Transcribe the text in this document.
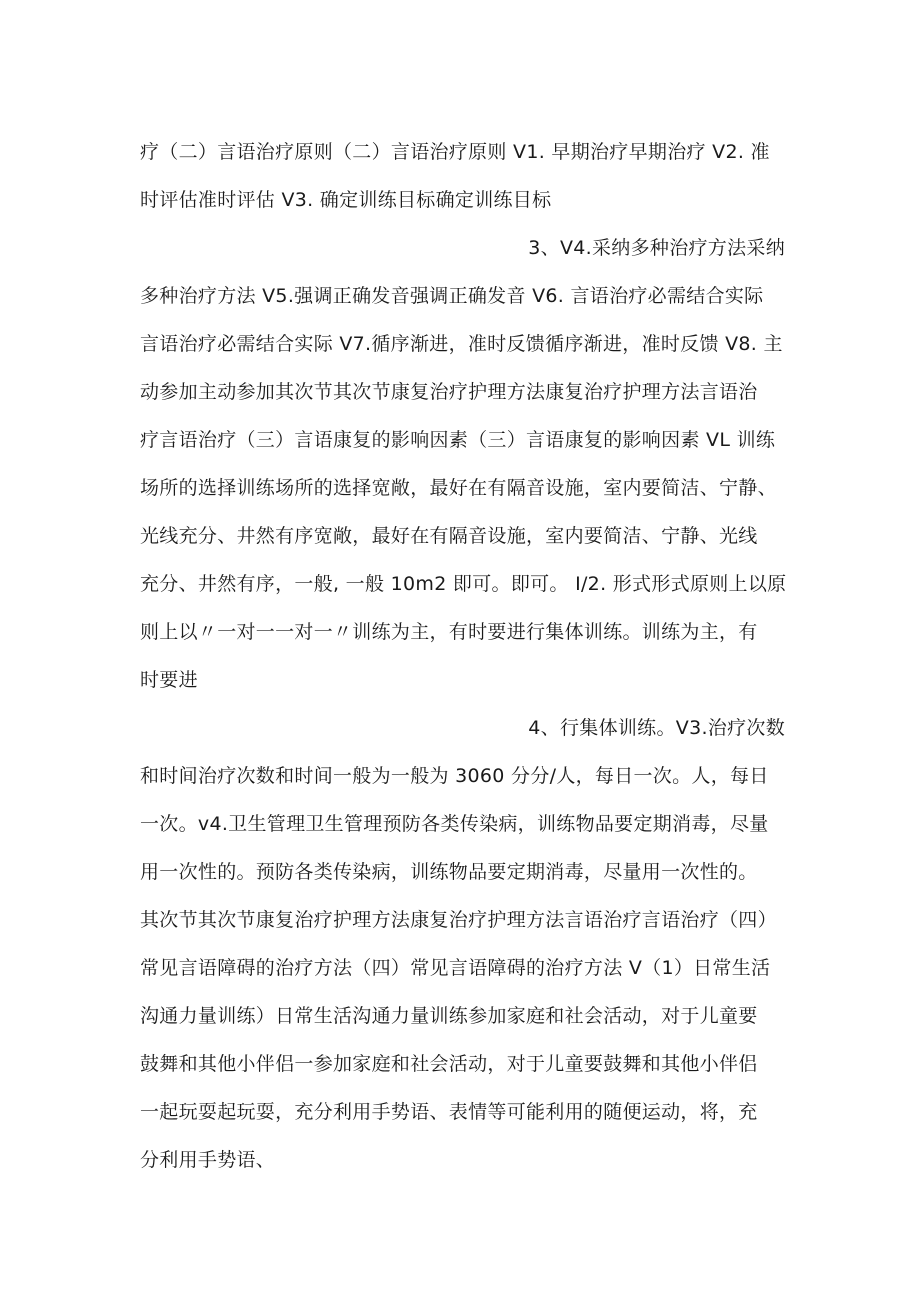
疗（二）言语治疗原则（二）言语治疗原则 V1. 早期治疗早期治疗 V2. 准
时评估准时评估 V3. 确定训练目标确定训练目标
3、V4.采纳多种治疗方法采纳
多种治疗方法 V5.强调正确发音强调正确发音 V6. 言语治疗必需结合实际
言语治疗必需结合实际 V7.循序渐进，准时反馈循序渐进，准时反馈 V8. 主
动参加主动参加其次节其次节康复治疗护理方法康复治疗护理方法言语治
疗言语治疗（三）言语康复的影响因素（三）言语康复的影响因素 VL 训练
场所的选择训练场所的选择宽敞，最好在有隔音设施，室内要简洁、宁静、
光线充分、井然有序宽敞，最好在有隔音设施，室内要简洁、宁静、光线
充分、井然有序，一般, 一般 10m2 即可。即可。 I/2. 形式形式原则上以原
则上以〃一对一一对一〃训练为主，有时要进行集体训练。训练为主，有
时要进
4、行集体训练。V3.治疗次数
和时间治疗次数和时间一般为一般为 3060 分分/人，每日一次。人，每日
一次。v4.卫生管理卫生管理预防各类传染病，训练物品要定期消毒，尽量
用一次性的。预防各类传染病，训练物品要定期消毒，尽量用一次性的。
其次节其次节康复治疗护理方法康复治疗护理方法言语治疗言语治疗（四）
常见言语障碍的治疗方法（四）常见言语障碍的治疗方法 V（1）日常生活
沟通力量训练）日常生活沟通力量训练参加家庭和社会活动，对于儿童要
鼓舞和其他小伴侣一参加家庭和社会活动，对于儿童要鼓舞和其他小伴侣
一起玩耍起玩耍，充分利用手势语、表情等可能利用的随便运动，将，充
分利用手势语、
